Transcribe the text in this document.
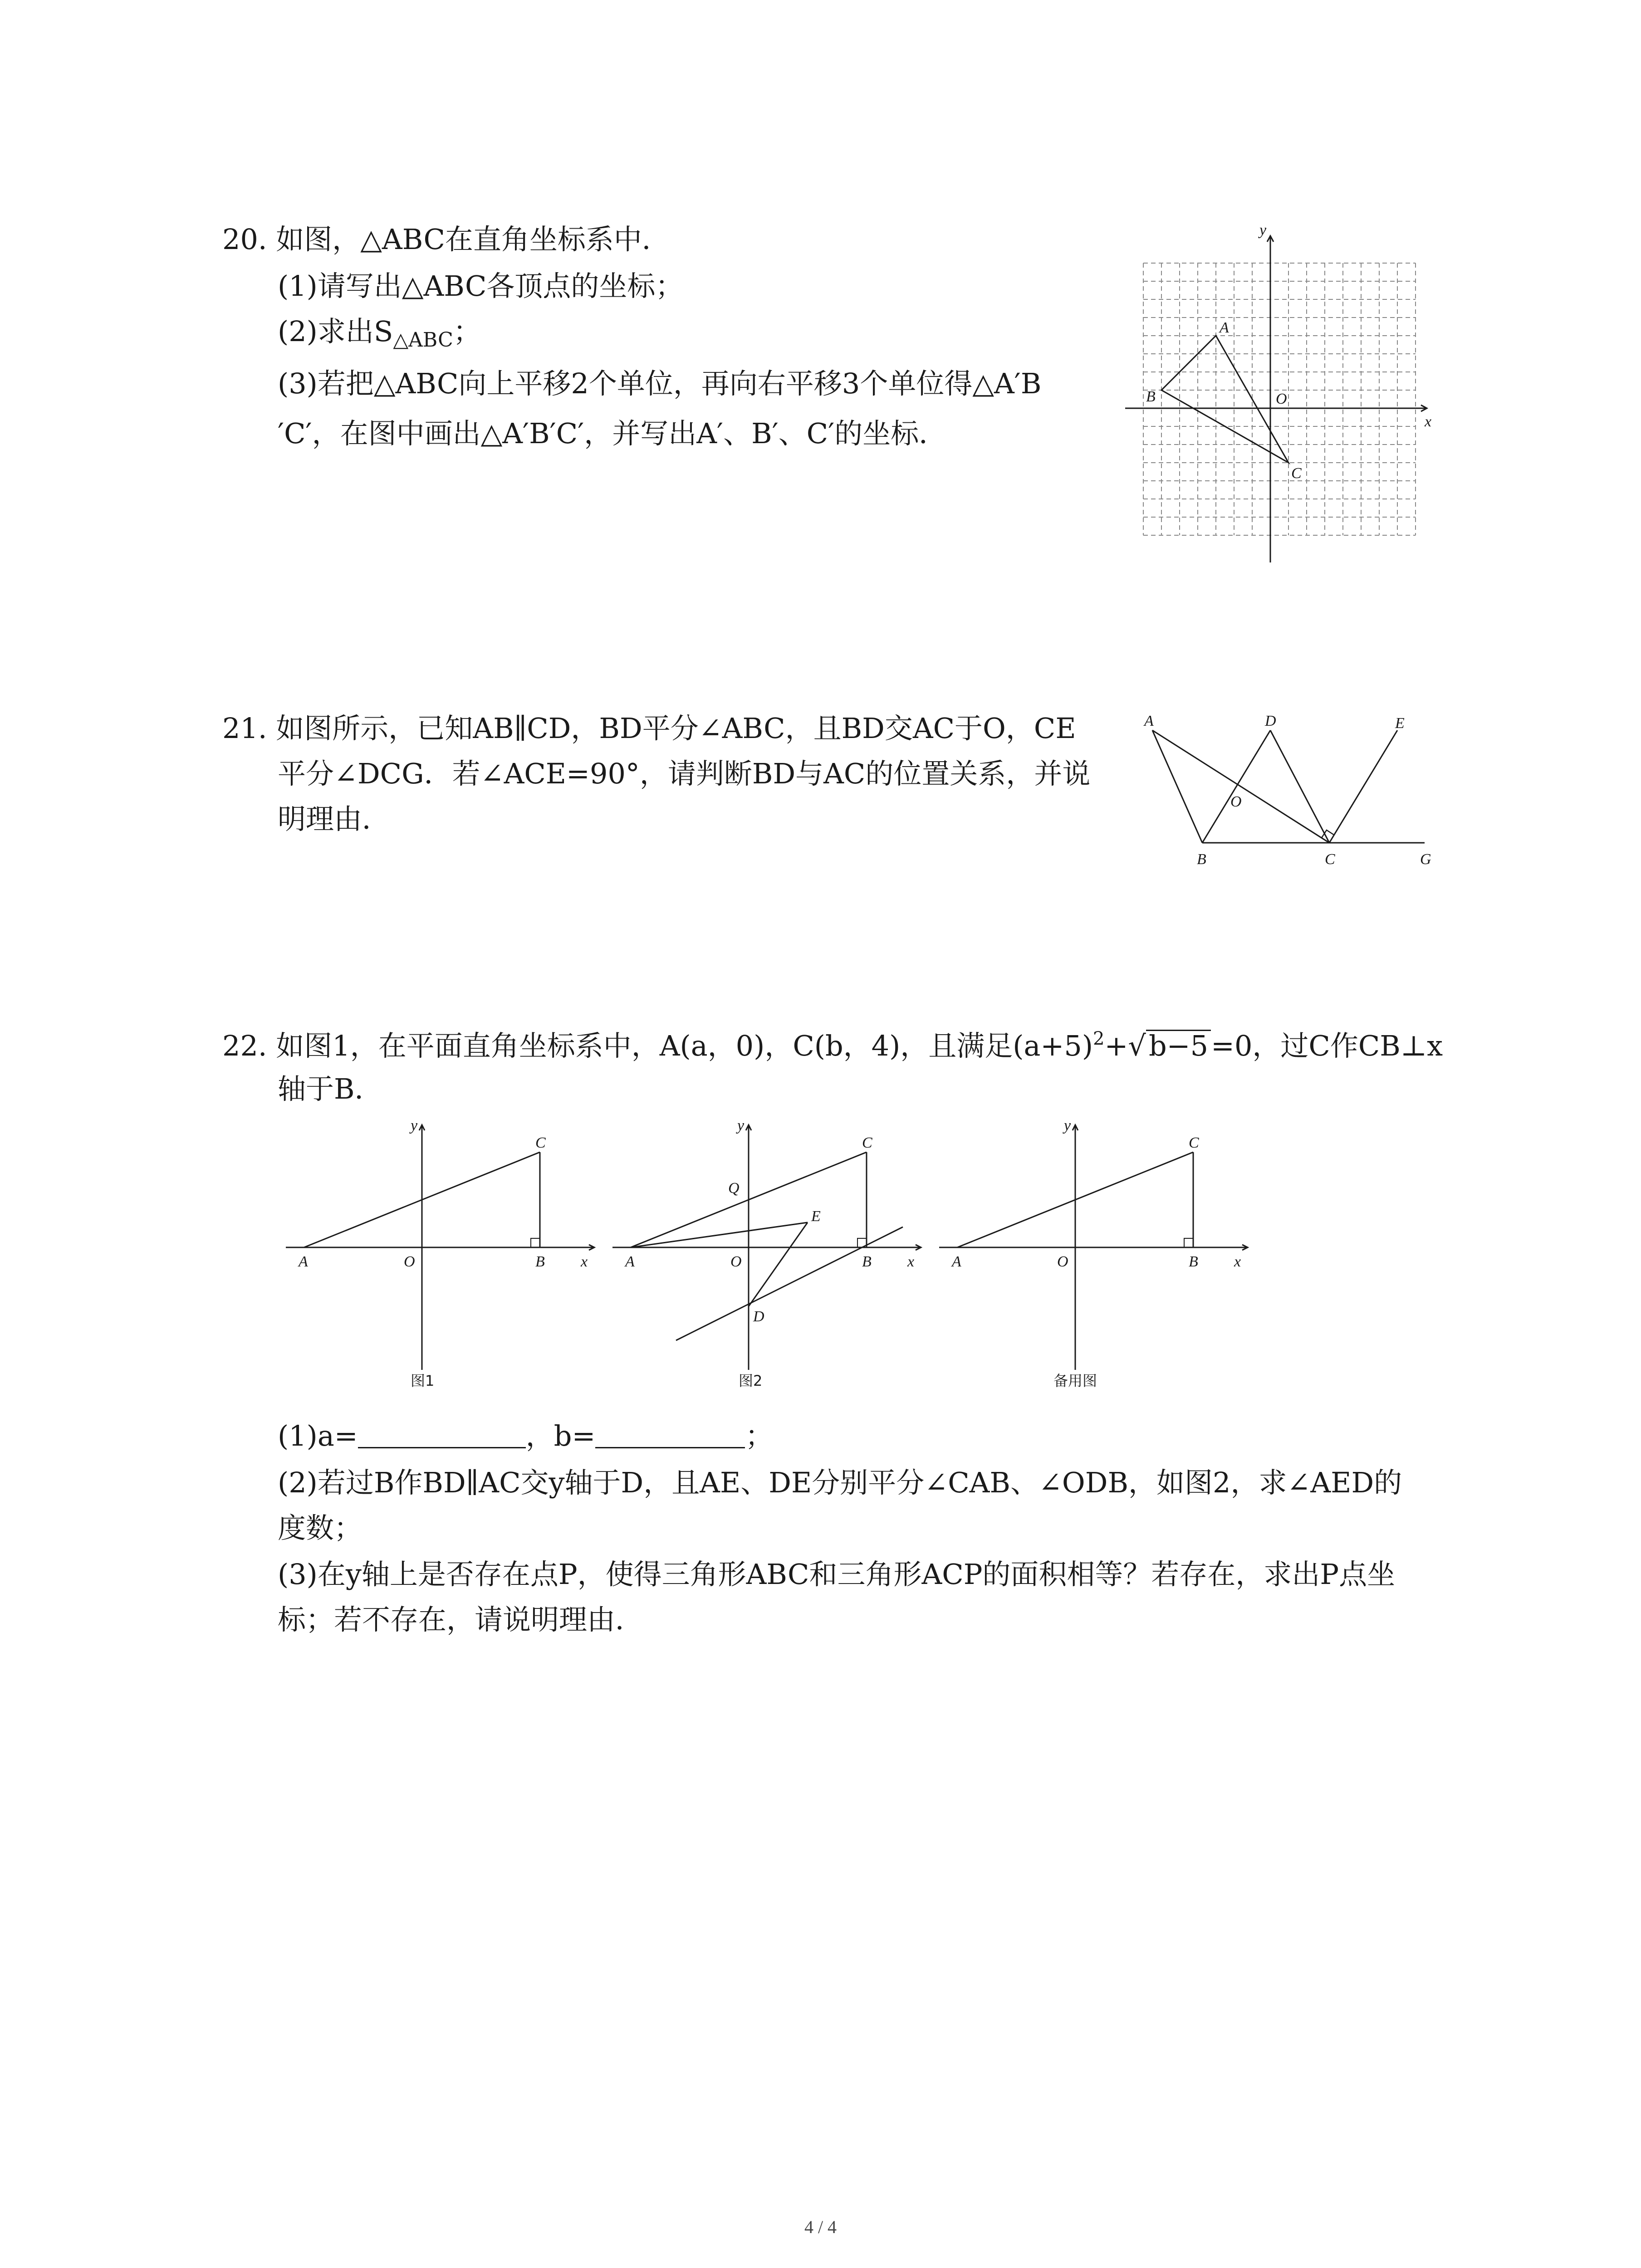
20. 如图，△ABC在直角坐标系中．

(1)请写出△ABC各顶点的坐标；

(2)求出$S_{\triangle ABC}$；

(3)若把△ABC向上平移2个单位，再向右平移3个单位得△A′B

′C′，在图中画出△A′B′C′，并写出A′、B′、C′的坐标．

y
x
O
A
B
C

21. 如图所示，已知AB∥CD，BD平分∠ABC，且BD交AC于O，CE

平分∠DCG．若∠ACE=90°，请判断BD与AC的位置关系，并说

明理由．

A	D	E
O
B	C	G

22. 如图1，在平面直角坐标系中，A(a，0)，C(b，4)，且满足$(a+5)^2+√b-5=0$，过C作CB⊥x

轴于B．

y
x
A	O	B
C
图1
y
x
A	O	B
C
Q
E
D
图2
y
x
A	O	B
C
备用图

(1)a=	，b=	；

(2)若过B作BD∥AC交y轴于D，且AE、DE分别平分∠CAB、∠ODB，如图2，求∠AED的

度数；

(3)在y轴上是否存在点P，使得三角形ABC和三角形ACP的面积相等？若存在，求出P点坐

标；若不存在，请说明理由．

4 / 4
